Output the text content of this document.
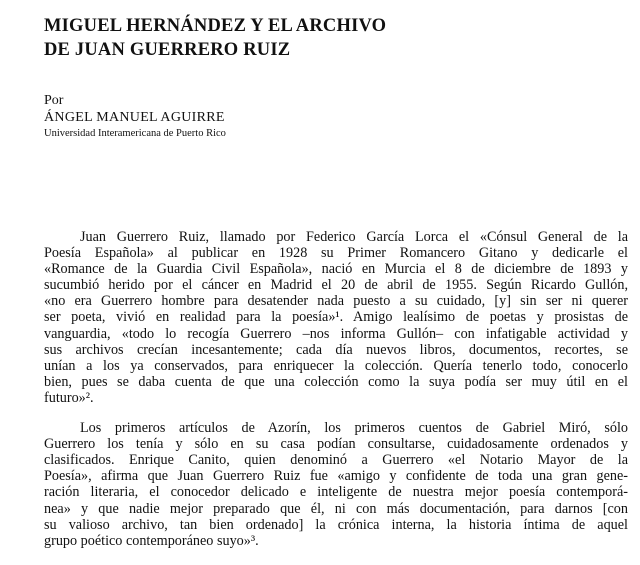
MIGUEL HERNÁNDEZ Y EL ARCHIVO
DE JUAN GUERRERO RUIZ
Por
ÁNGEL MANUEL AGUIRRE
Universidad Interamericana de Puerto Rico
Juan Guerrero Ruiz, llamado por Federico García Lorca el «Cónsul General de la
Poesía Española» al publicar en 1928 su Primer Romancero Gitano y dedicarle el
«Romance de la Guardia Civil Española», nació en Murcia el 8 de diciembre de 1893 y
sucumbió herido por el cáncer en Madrid el 20 de abril de 1955. Según Ricardo Gullón,
«no era Guerrero hombre para desatender nada puesto a su cuidado, [y] sin ser ni querer
ser poeta, vivió en realidad para la poesía»¹. Amigo lealísimo de poetas y prosistas de
vanguardia, «todo lo recogía Guerrero –nos informa Gullón– con infatigable actividad y
sus archivos crecían incesantemente; cada día nuevos libros, documentos, recortes, se
unían a los ya conservados, para enriquecer la colección. Quería tenerlo todo, conocerlo
bien, pues se daba cuenta de que una colección como la suya podía ser muy útil en el
futuro»².
Los primeros artículos de Azorín, los primeros cuentos de Gabriel Miró, sólo
Guerrero los tenía y sólo en su casa podían consultarse, cuidadosamente ordenados y
clasificados. Enrique Canito, quien denominó a Guerrero «el Notario Mayor de la
Poesía», afirma que Juan Guerrero Ruiz fue «amigo y confidente de toda una gran gene-
ración literaria, el conocedor delicado e inteligente de nuestra mejor poesía contemporá-
nea» y que nadie mejor preparado que él, ni con más documentación, para darnos [con
su valioso archivo, tan bien ordenado] la crónica interna, la historia íntima de aquel
grupo poético contemporáneo suyo»³.
